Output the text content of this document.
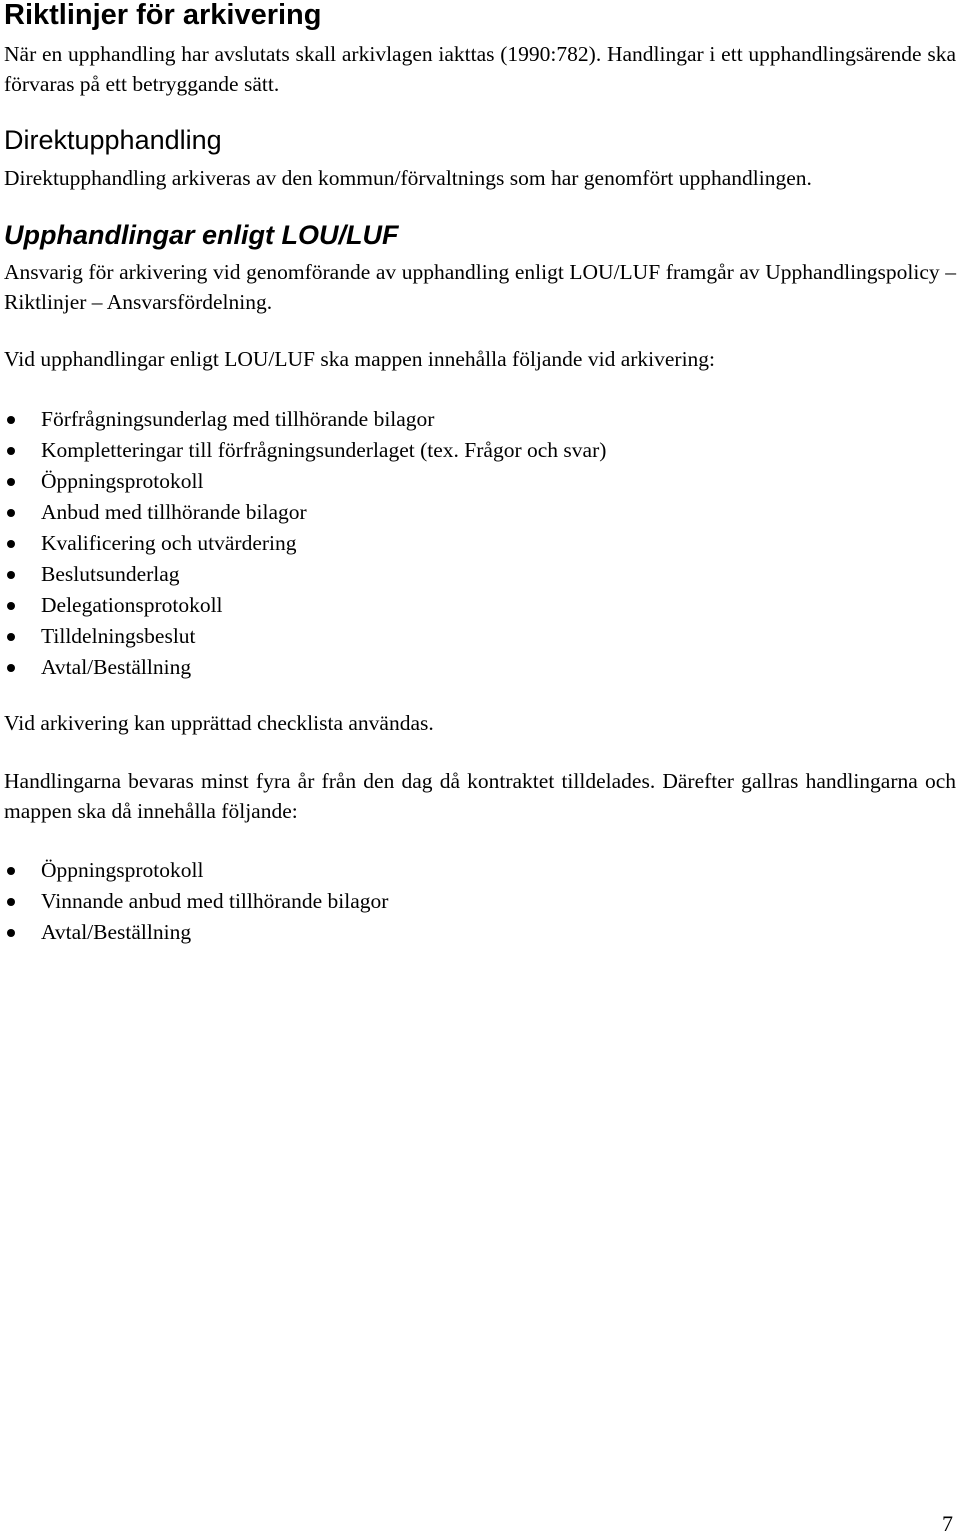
Riktlinjer för arkivering

När en upphandling har avslutats skall arkivlagen iakttas (1990:782). Handlingar i ett upphandlingsärende ska förvaras på ett betryggande sätt.

Direktupphandling

Direktupphandling arkiveras av den kommun/förvaltnings som har genomfört upphandlingen.

Upphandlingar enligt LOU/LUF

Ansvarig för arkivering vid genomförande av upphandling enligt LOU/LUF framgår av Upphandlingspolicy – Riktlinjer – Ansvarsfördelning.

Vid upphandlingar enligt LOU/LUF ska mappen innehålla följande vid arkivering:

Förfrågningsunderlag med tillhörande bilagor
Kompletteringar till förfrågningsunderlaget (tex. Frågor och svar)
Öppningsprotokoll
Anbud med tillhörande bilagor
Kvalificering och utvärdering
Beslutsunderlag
Delegationsprotokoll
Tilldelningsbeslut
Avtal/Beställning

Vid arkivering kan upprättad checklista användas.

Handlingarna bevaras minst fyra år från den dag då kontraktet tilldelades. Därefter gallras handlingarna och mappen ska då innehålla följande:

Öppningsprotokoll
Vinnande anbud med tillhörande bilagor
Avtal/Beställning
7
